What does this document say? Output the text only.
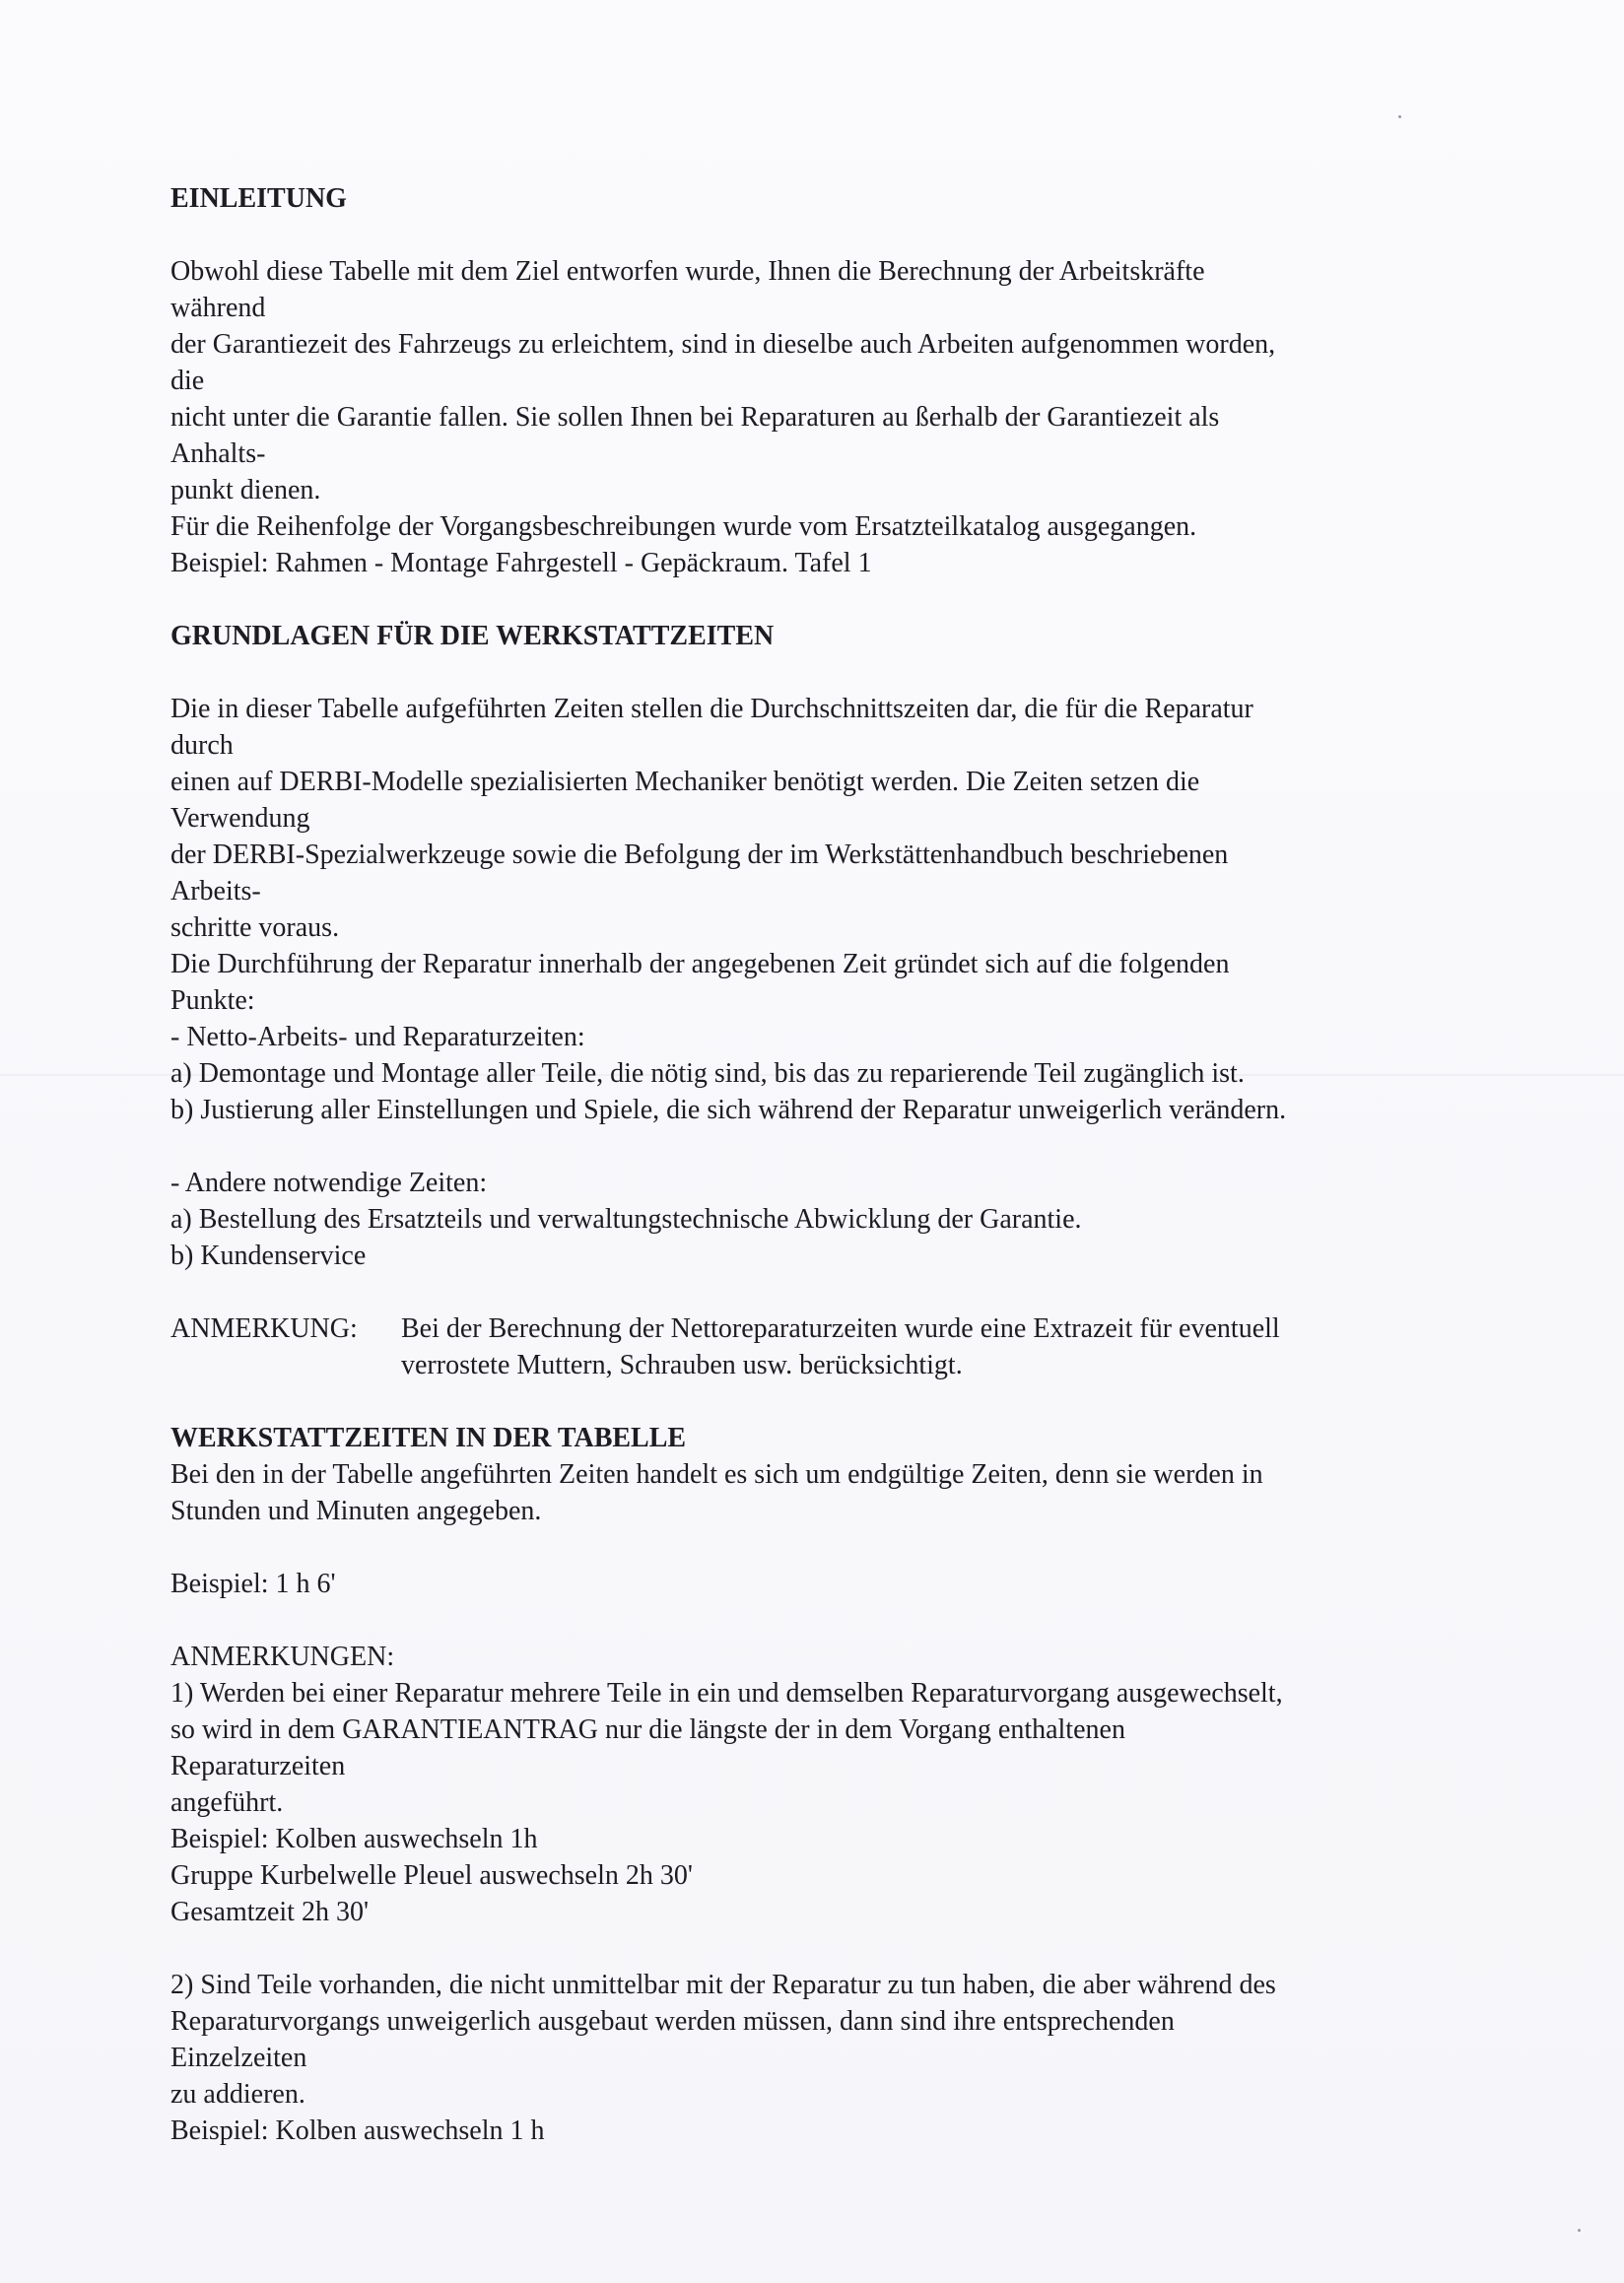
EINLEITUNG
Obwohl diese Tabelle mit dem Ziel entworfen wurde, Ihnen die Berechnung der Arbeitskräfte
während
der Garantiezeit des Fahrzeugs zu erleichtem, sind in dieselbe auch Arbeiten aufgenommen worden,
die
nicht unter die Garantie fallen. Sie sollen Ihnen bei Reparaturen au ßerhalb der Garantiezeit als
Anhalts-
punkt dienen.
Für die Reihenfolge der Vorgangsbeschreibungen wurde vom Ersatzteilkatalog ausgegangen.
Beispiel: Rahmen - Montage Fahrgestell - Gepäckraum. Tafel 1
GRUNDLAGEN FÜR DIE WERKSTATTZEITEN
Die in dieser Tabelle aufgeführten Zeiten stellen die Durchschnittszeiten dar, die für die Reparatur
durch
einen auf DERBI-Modelle spezialisierten Mechaniker benötigt werden. Die Zeiten setzen die
Verwendung
der DERBI-Spezialwerkzeuge sowie die Befolgung der im Werkstättenhandbuch beschriebenen
Arbeits-
schritte voraus.
Die Durchführung der Reparatur innerhalb der angegebenen Zeit gründet sich auf die folgenden
Punkte:
- Netto-Arbeits- und Reparaturzeiten:
a) Demontage und Montage aller Teile, die nötig sind, bis das zu reparierende Teil zugänglich ist.
b) Justierung aller Einstellungen und Spiele, die sich während der Reparatur unweigerlich verändern.
- Andere notwendige Zeiten:
a) Bestellung des Ersatzteils und verwaltungstechnische Abwicklung der Garantie.
b) Kundenservice
ANMERKUNG: Bei der Berechnung der Nettoreparaturzeiten wurde eine Extrazeit für eventuell
verrostete Muttern, Schrauben usw. berücksichtigt.
WERKSTATTZEITEN IN DER TABELLE
Bei den in der Tabelle angeführten Zeiten handelt es sich um endgültige Zeiten, denn sie werden in
Stunden und Minuten angegeben.
Beispiel: 1 h 6'
ANMERKUNGEN:
1) Werden bei einer Reparatur mehrere Teile in ein und demselben Reparaturvorgang ausgewechselt,
so wird in dem GARANTIEANTRAG nur die längste der in dem Vorgang enthaltenen
Reparaturzeiten
angeführt.
Beispiel: Kolben auswechseln 1h
Gruppe Kurbelwelle Pleuel auswechseln 2h 30'
Gesamtzeit 2h 30'
2) Sind Teile vorhanden, die nicht unmittelbar mit der Reparatur zu tun haben, die aber während des
Reparaturvorgangs unweigerlich ausgebaut werden müssen, dann sind ihre entsprechenden
Einzelzeiten
zu addieren.
Beispiel: Kolben auswechseln 1 h
